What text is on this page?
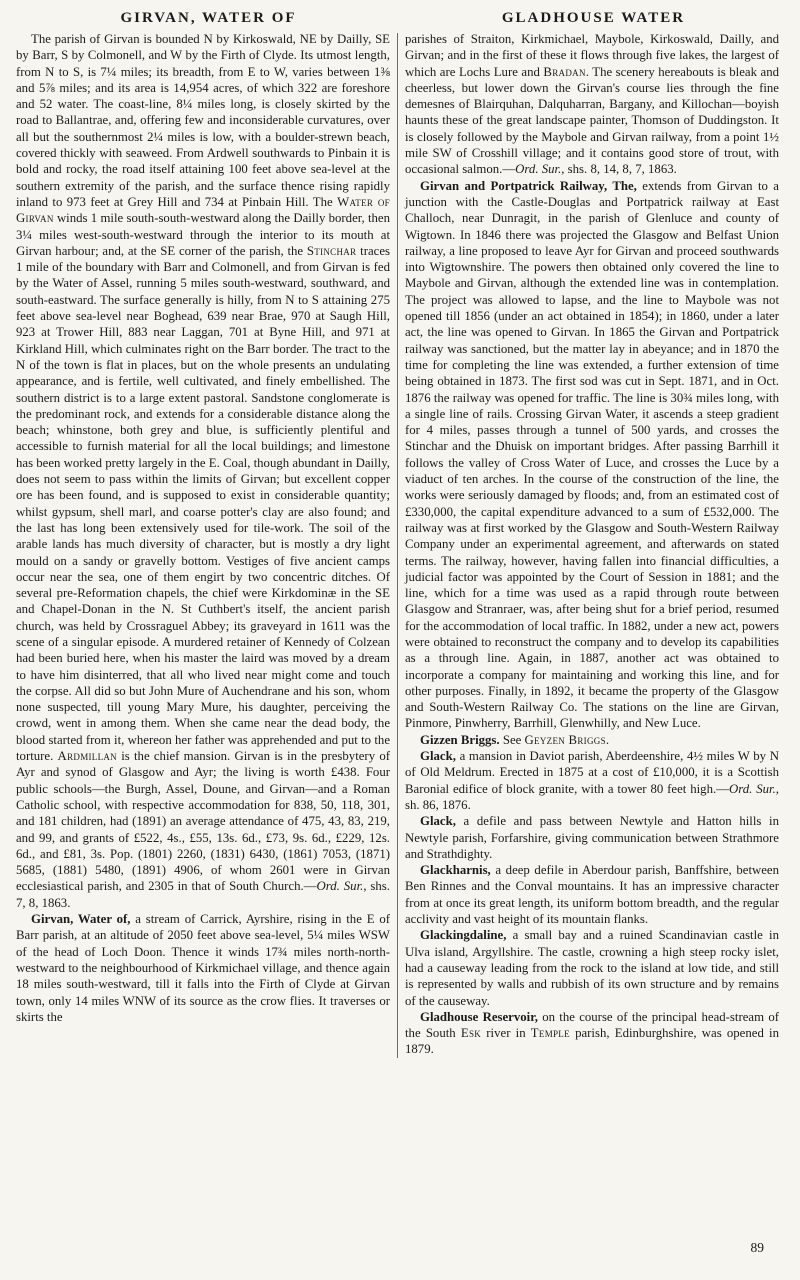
GIRVAN, WATER OF	GLADHOUSE WATER

The parish of Girvan is bounded N by Kirkoswald, NE by Dailly, SE by Barr, S by Colmonell, and W by the Firth of Clyde. Its utmost length, from N to S, is 7¼ miles; its breadth, from E to W, varies between 1⅜ and 5⅞ miles; and its area is 14,954 acres, of which 322 are foreshore and 52 water. The coast-line, 8¼ miles long, is closely skirted by the road to Ballantrae, and, offering few and inconsiderable curvatures, over all but the southernmost 2¼ miles is low, with a boulder-strewn beach, covered thickly with seaweed. From Ardwell southwards to Pinbain it is bold and rocky, the road itself attaining 100 feet above sea-level at the southern extremity of the parish, and the surface thence rising rapidly inland to 973 feet at Grey Hill and 734 at Pinbain Hill. The Water of Girvan winds 1 mile south-south-westward along the Dailly border, then 3¼ miles west-south-westward through the interior to its mouth at Girvan harbour; and, at the SE corner of the parish, the Stinchar traces 1 mile of the boundary with Barr and Colmonell, and from Girvan is fed by the Water of Assel, running 5 miles south-westward, southward, and south-eastward. The surface generally is hilly, from N to S attaining 275 feet above sea-level near Boghead, 639 near Brae, 970 at Saugh Hill, 923 at Trower Hill, 883 near Laggan, 701 at Byne Hill, and 971 at Kirkland Hill, which culminates right on the Barr border. The tract to the N of the town is flat in places, but on the whole presents an undulating appearance, and is fertile, well cultivated, and finely embellished. The southern district is to a large extent pastoral. Sandstone conglomerate is the predominant rock, and extends for a considerable distance along the beach; whinstone, both grey and blue, is sufficiently plentiful and accessible to furnish material for all the local buildings; and limestone has been worked pretty largely in the E. Coal, though abundant in Dailly, does not seem to pass within the limits of Girvan; but excellent copper ore has been found, and is supposed to exist in considerable quantity; whilst gypsum, shell marl, and coarse potter's clay are also found; and the last has long been extensively used for tile-work. The soil of the arable lands has much diversity of character, but is mostly a dry light mould on a sandy or gravelly bottom. Vestiges of five ancient camps occur near the sea, one of them engirt by two concentric ditches. Of several pre-Reformation chapels, the chief were Kirkdominæ in the SE and Chapel-Donan in the N. St Cuthbert's itself, the ancient parish church, was held by Crossraguel Abbey; its graveyard in 1611 was the scene of a singular episode. A murdered retainer of Kennedy of Colzean had been buried here, when his master the laird was moved by a dream to have him disinterred, that all who lived near might come and touch the corpse. All did so but John Mure of Auchendrane and his son, whom none suspected, till young Mary Mure, his daughter, perceiving the crowd, went in among them. When she came near the dead body, the blood started from it, whereon her father was apprehended and put to the torture. Ardmillan is the chief mansion. Girvan is in the presbytery of Ayr and synod of Glasgow and Ayr; the living is worth £438. Four public schools—the Burgh, Assel, Doune, and Girvan—and a Roman Catholic school, with respective accommodation for 838, 50, 118, 301, and 181 children, had (1891) an average attendance of 475, 43, 83, 219, and 99, and grants of £522, 4s., £55, 13s. 6d., £73, 9s. 6d., £229, 12s. 6d., and £81, 3s. Pop. (1801) 2260, (1831) 6430, (1861) 7053, (1871) 5685, (1881) 5480, (1891) 4906, of whom 2601 were in Girvan ecclesiastical parish, and 2305 in that of South Church.—Ord. Sur., shs. 7, 8, 1863.

Girvan, Water of, a stream of Carrick, Ayrshire, rising in the E of Barr parish, at an altitude of 2050 feet above sea-level, 5¼ miles WSW of the head of Loch Doon. Thence it winds 17¾ miles north-north-westward to the neighbourhood of Kirkmichael village, and thence again 18 miles south-westward, till it falls into the Firth of Clyde at Girvan town, only 14 miles WNW of its source as the crow flies. It traverses or skirts the

parishes of Straiton, Kirkmichael, Maybole, Kirkoswald, Dailly, and Girvan; and in the first of these it flows through five lakes, the largest of which are Lochs Lure and Bradan. The scenery hereabouts is bleak and cheerless, but lower down the Girvan's course lies through the fine demesnes of Blairquhan, Dalquharran, Bargany, and Killochan—boyish haunts these of the great landscape painter, Thomson of Duddingston. It is closely followed by the Maybole and Girvan railway, from a point 1½ mile SW of Crosshill village; and it contains good store of trout, with occasional salmon.—Ord. Sur., shs. 8, 14, 8, 7, 1863.

Girvan and Portpatrick Railway, The, extends from Girvan to a junction with the Castle-Douglas and Portpatrick railway at East Challoch, near Dunragit, in the parish of Glenluce and county of Wigtown. In 1846 there was projected the Glasgow and Belfast Union railway, a line proposed to leave Ayr for Girvan and proceed southwards into Wigtownshire. The powers then obtained only covered the line to Maybole and Girvan, although the extended line was in contemplation. The project was allowed to lapse, and the line to Maybole was not opened till 1856 (under an act obtained in 1854); in 1860, under a later act, the line was opened to Girvan. In 1865 the Girvan and Portpatrick railway was sanctioned, but the matter lay in abeyance; and in 1870 the time for completing the line was extended, a further extension of time being obtained in 1873. The first sod was cut in Sept. 1871, and in Oct. 1876 the railway was opened for traffic. The line is 30¾ miles long, with a single line of rails. Crossing Girvan Water, it ascends a steep gradient for 4 miles, passes through a tunnel of 500 yards, and crosses the Stinchar and the Dhuisk on important bridges. After passing Barrhill it follows the valley of Cross Water of Luce, and crosses the Luce by a viaduct of ten arches. In the course of the construction of the line, the works were seriously damaged by floods; and, from an estimated cost of £330,000, the capital expenditure advanced to a sum of £532,000. The railway was at first worked by the Glasgow and South-Western Railway Company under an experimental agreement, and afterwards on stated terms. The railway, however, having fallen into financial difficulties, a judicial factor was appointed by the Court of Session in 1881; and the line, which for a time was used as a rapid through route between Glasgow and Stranraer, was, after being shut for a brief period, resumed for the accommodation of local traffic. In 1882, under a new act, powers were obtained to reconstruct the company and to develop its capabilities as a through line. Again, in 1887, another act was obtained to incorporate a company for maintaining and working this line, and for other purposes. Finally, in 1892, it became the property of the Glasgow and South-Western Railway Co. The stations on the line are Girvan, Pinmore, Pinwherry, Barrhill, Glenwhilly, and New Luce.

Gizzen Briggs. See Geyzen Briggs.

Glack, a mansion in Daviot parish, Aberdeenshire, 4½ miles W by N of Old Meldrum. Erected in 1875 at a cost of £10,000, it is a Scottish Baronial edifice of block granite, with a tower 80 feet high.—Ord. Sur., sh. 86, 1876.

Glack, a defile and pass between Newtyle and Hatton hills in Newtyle parish, Forfarshire, giving communication between Strathmore and Strathdighty.

Glackharnis, a deep defile in Aberdour parish, Banffshire, between Ben Rinnes and the Conval mountains. It has an impressive character from at once its great length, its uniform bottom breadth, and the regular acclivity and vast height of its mountain flanks.

Glackingdaline, a small bay and a ruined Scandinavian castle in Ulva island, Argyllshire. The castle, crowning a high steep rocky islet, had a causeway leading from the rock to the island at low tide, and still is represented by walls and rubbish of its own structure and by remains of the causeway.

Gladhouse Reservoir, on the course of the principal head-stream of the South Esk river in Temple parish, Edinburghshire, was opened in 1879.

89
